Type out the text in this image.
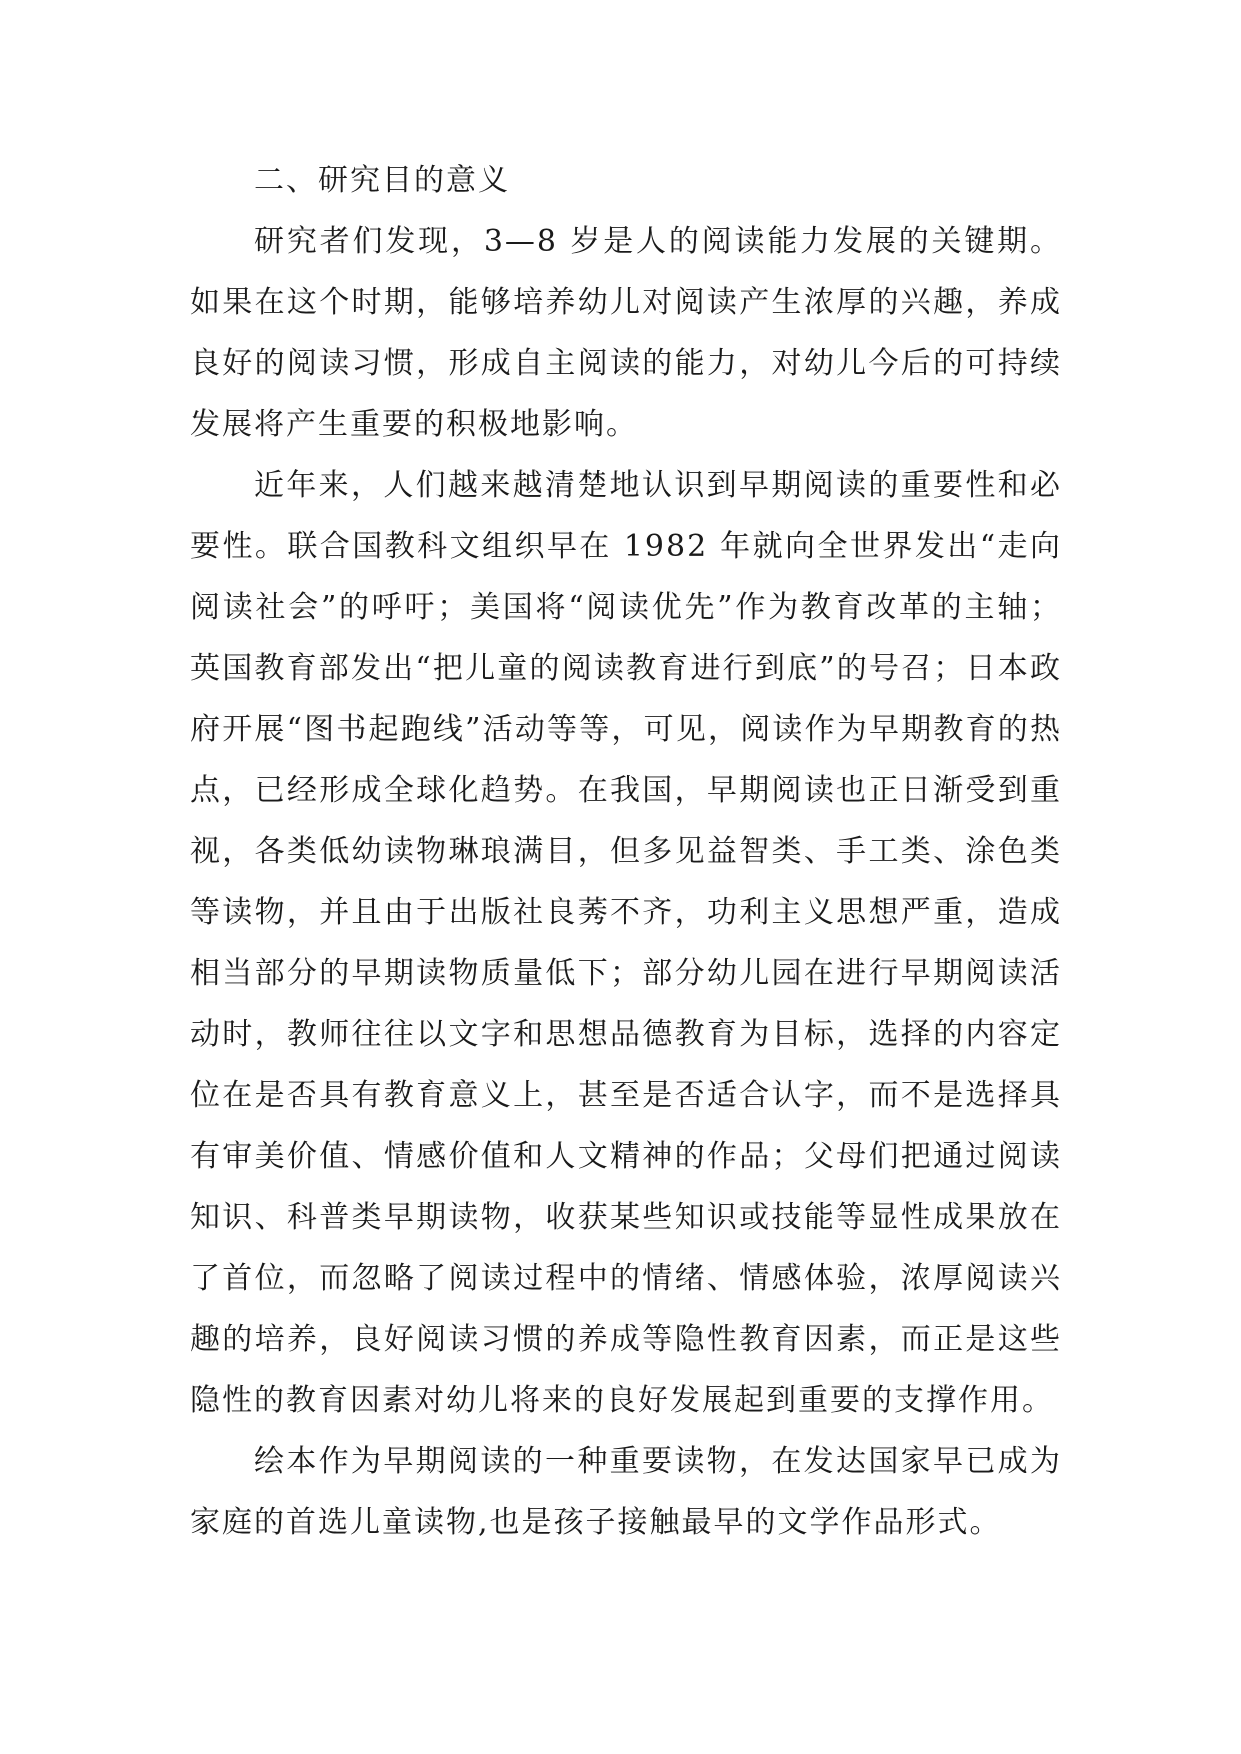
二、研究目的意义

研究者们发现，3—8 岁是人的阅读能力发展的关键期。如果在这个时期，能够培养幼儿对阅读产生浓厚的兴趣，养成良好的阅读习惯，形成自主阅读的能力，对幼儿今后的可持续发展将产生重要的积极地影响。

近年来，人们越来越清楚地认识到早期阅读的重要性和必要性。联合国教科文组织早在 1982 年就向全世界发出“走向阅读社会”的呼吁；美国将“阅读优先”作为教育改革的主轴；英国教育部发出“把儿童的阅读教育进行到底”的号召；日本政府开展“图书起跑线”活动等等，可见，阅读作为早期教育的热点，已经形成全球化趋势。在我国，早期阅读也正日渐受到重视，各类低幼读物琳琅满目，但多见益智类、手工类、涂色类等读物，并且由于出版社良莠不齐，功利主义思想严重，造成相当部分的早期读物质量低下；部分幼儿园在进行早期阅读活动时，教师往往以文字和思想品德教育为目标，选择的内容定位在是否具有教育意义上，甚至是否适合认字，而不是选择具有审美价值、情感价值和人文精神的作品；父母们把通过阅读知识、科普类早期读物，收获某些知识或技能等显性成果放在了首位，而忽略了阅读过程中的情绪、情感体验，浓厚阅读兴趣的培养，良好阅读习惯的养成等隐性教育因素，而正是这些隐性的教育因素对幼儿将来的良好发展起到重要的支撑作用。

绘本作为早期阅读的一种重要读物，在发达国家早已成为家庭的首选儿童读物,也是孩子接触最早的文学作品形式。
